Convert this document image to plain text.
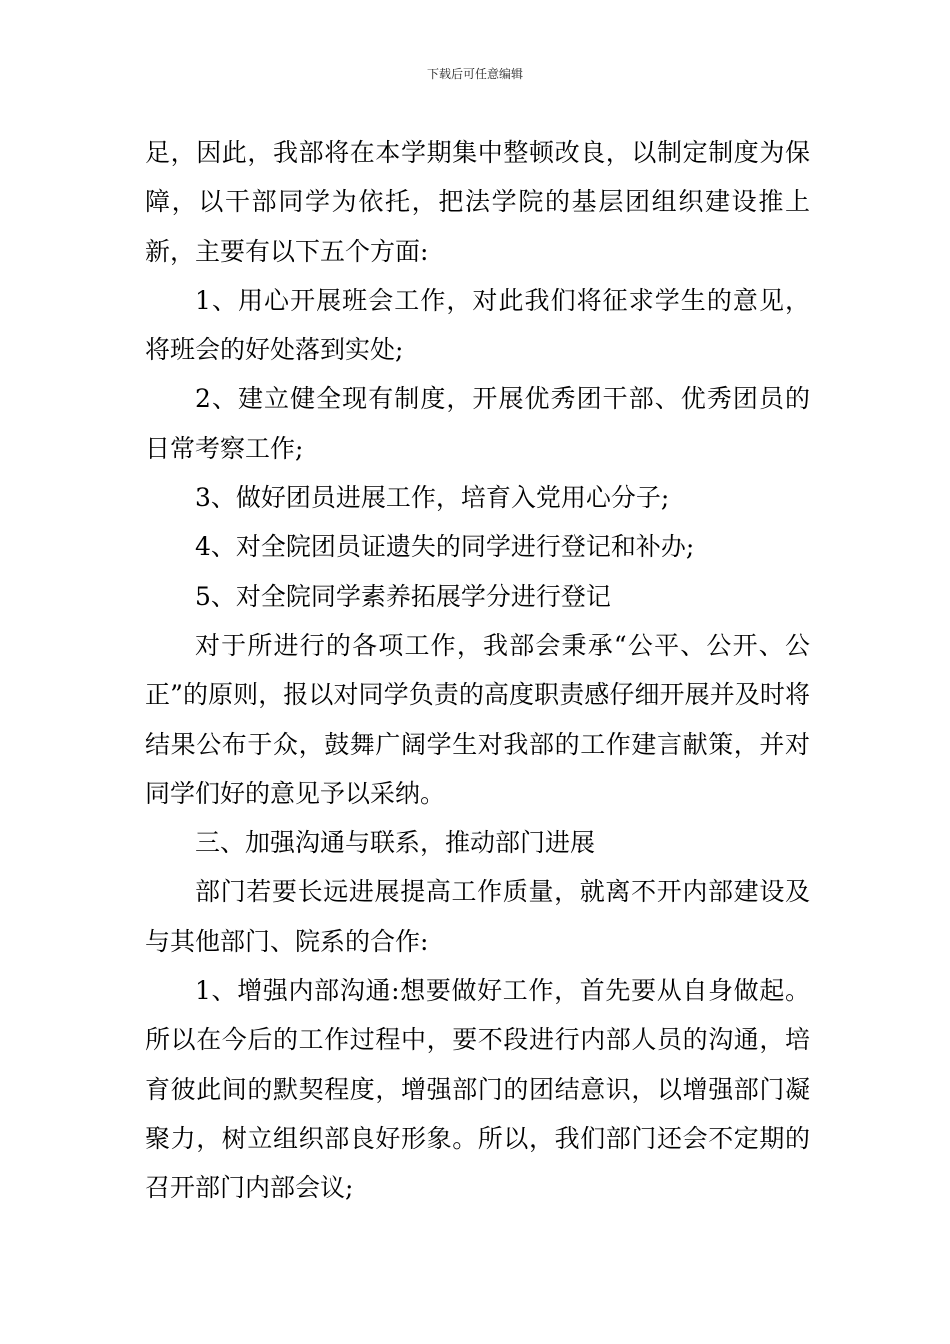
下载后可任意编辑

足，因此，我部将在本学期集中整顿改良，以制定制度为保障，以干部同学为依托，把法学院的基层团组织建设推上新，主要有以下五个方面:

1、用心开展班会工作，对此我们将征求学生的意见，将班会的好处落到实处;

2、建立健全现有制度，开展优秀团干部、优秀团员的日常考察工作;

3、做好团员进展工作，培育入党用心分子;

4、对全院团员证遗失的同学进行登记和补办;

5、对全院同学素养拓展学分进行登记

对于所进行的各项工作，我部会秉承“公平、公开、公正”的原则，报以对同学负责的高度职责感仔细开展并及时将结果公布于众，鼓舞广阔学生对我部的工作建言献策，并对同学们好的意见予以采纳。

三、加强沟通与联系，推动部门进展

部门若要长远进展提高工作质量，就离不开内部建设及与其他部门、院系的合作:

1、增强内部沟通:想要做好工作，首先要从自身做起。所以在今后的工作过程中，要不段进行内部人员的沟通，培育彼此间的默契程度，增强部门的团结意识，以增强部门凝聚力，树立组织部良好形象。所以，我们部门还会不定期的召开部门内部会议;
